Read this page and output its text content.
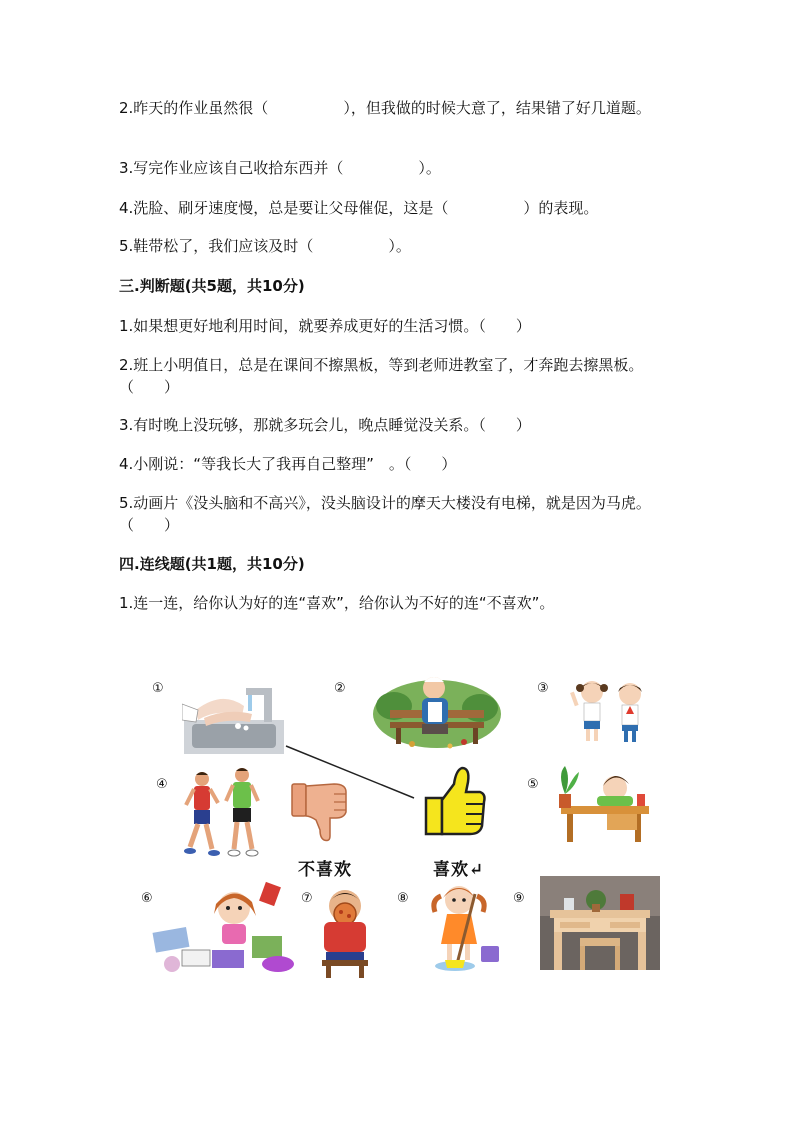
2.昨天的作业虽然很（　　　　　），但我做的时候大意了，结果错了好几道题。
3.写完作业应该自己收拾东西并（　　　　　）。
4.洗脸、刷牙速度慢，总是要让父母催促，这是（　　　　　）的表现。
5.鞋带松了，我们应该及时（　　　　　）。
三.判断题(共5题，共10分)
1.如果想更好地利用时间，就要养成更好的生活习惯。（　　）
2.班上小明值日，总是在课间不擦黑板，等到老师进教室了，才奔跑去擦黑板。（　　）
3.有时晚上没玩够，那就多玩会儿，晚点睡觉没关系。（　　）
4.小刚说：“等我长大了我再自己整理”　。（　　）
5.动画片《没头脑和不高兴》，没头脑设计的摩天大楼没有电梯，就是因为马虎。（　　）
四.连线题(共1题，共10分)
1.连一连，给你认为好的连“喜欢”，给你认为不好的连“不喜欢”。
①	②	③
④	⑤
⑥	⑦	⑧	⑨
不喜欢	喜欢↵
